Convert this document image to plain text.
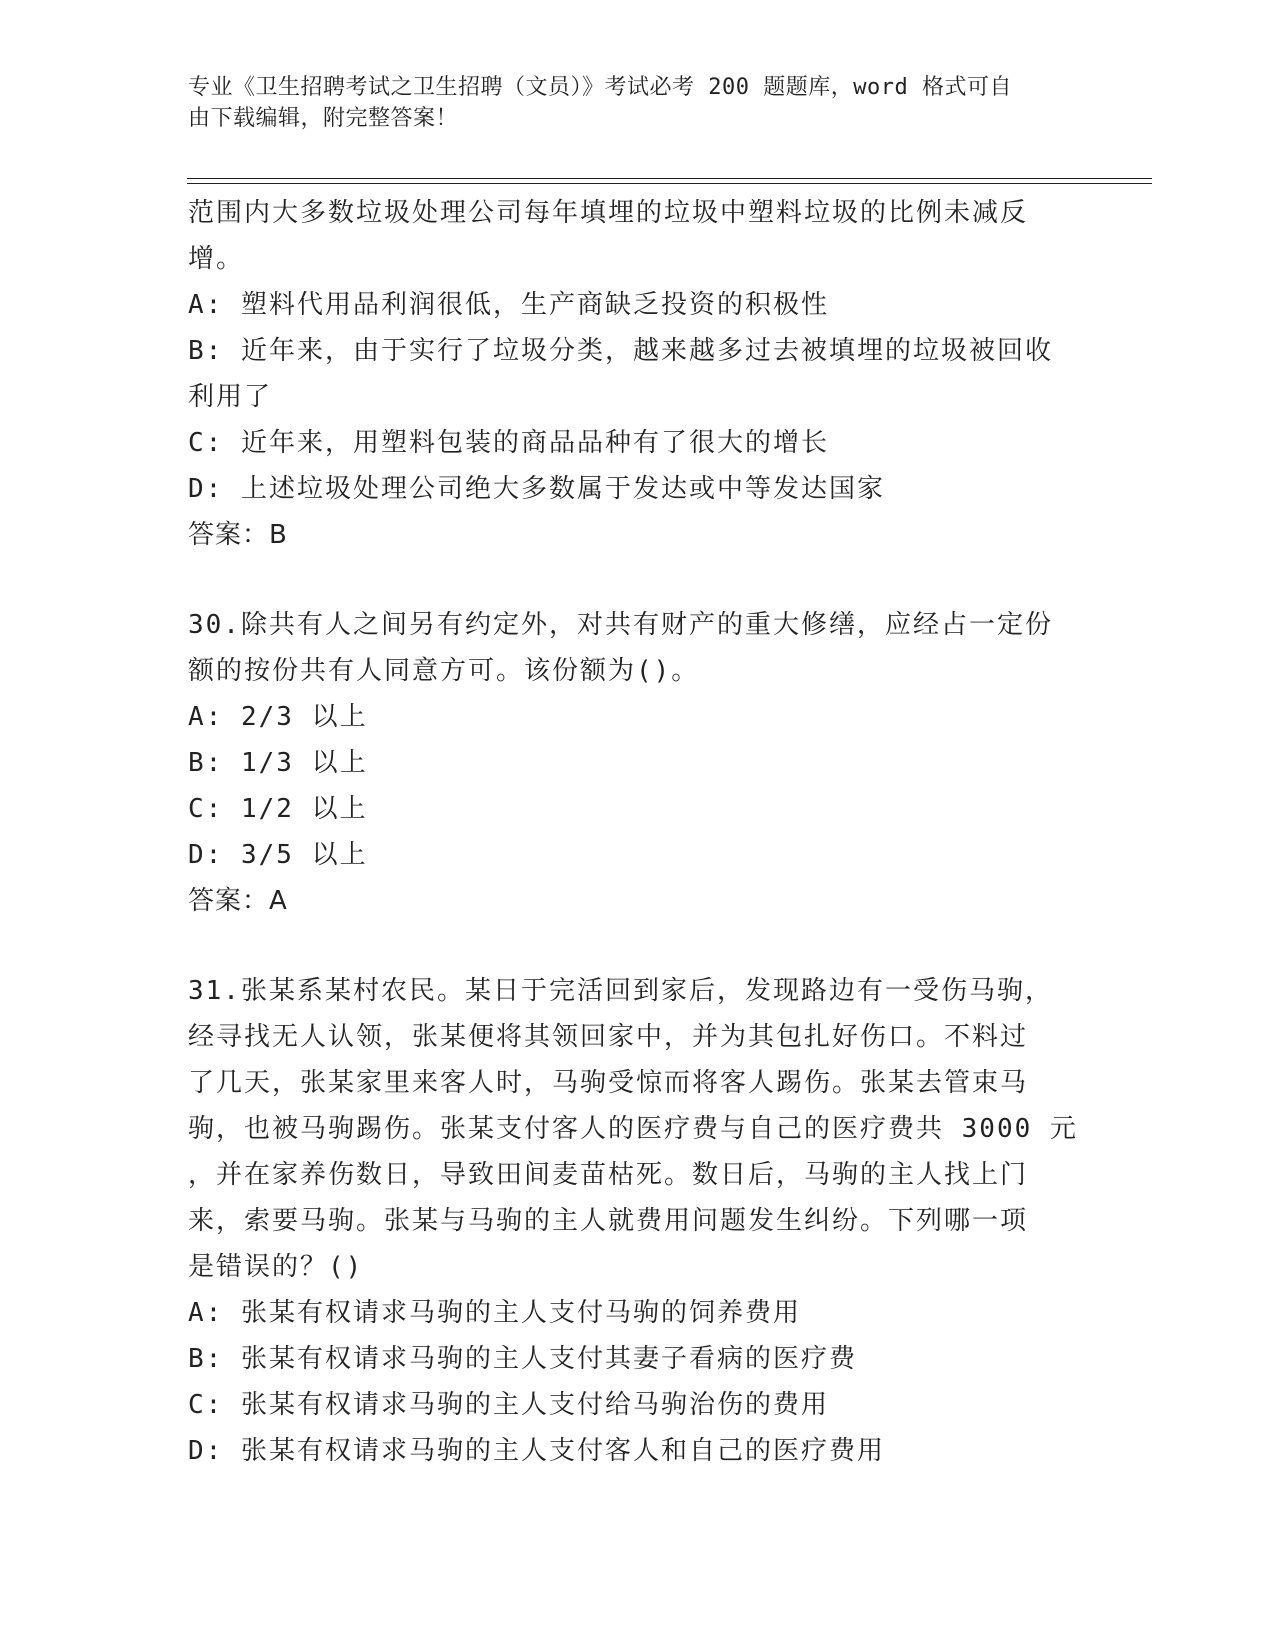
专业《卫生招聘考试之卫生招聘（文员）》考试必考 200 题题库，word 格式可自

由下载编辑，附完整答案！

范围内大多数垃圾处理公司每年填埋的垃圾中塑料垃圾的比例未减反

增。

A: 塑料代用品利润很低，生产商缺乏投资的积极性

B: 近年来，由于实行了垃圾分类，越来越多过去被填埋的垃圾被回收

利用了

C: 近年来，用塑料包装的商品品种有了很大的增长

D: 上述垃圾处理公司绝大多数属于发达或中等发达国家

答案：B

30.除共有人之间另有约定外，对共有财产的重大修缮，应经占一定份

额的按份共有人同意方可。该份额为()。

A: 2/3 以上

B: 1/3 以上

C: 1/2 以上

D: 3/5 以上

答案：A

31.张某系某村农民。某日于完活回到家后，发现路边有一受伤马驹，

经寻找无人认领，张某便将其领回家中，并为其包扎好伤口。不料过

了几天，张某家里来客人时，马驹受惊而将客人踢伤。张某去管束马

驹，也被马驹踢伤。张某支付客人的医疗费与自己的医疗费共 3000 元

，并在家养伤数日，导致田间麦苗枯死。数日后，马驹的主人找上门

来，索要马驹。张某与马驹的主人就费用问题发生纠纷。下列哪一项

是错误的？()

A: 张某有权请求马驹的主人支付马驹的饲养费用

B: 张某有权请求马驹的主人支付其妻子看病的医疗费

C: 张某有权请求马驹的主人支付给马驹治伤的费用

D: 张某有权请求马驹的主人支付客人和自己的医疗费用
